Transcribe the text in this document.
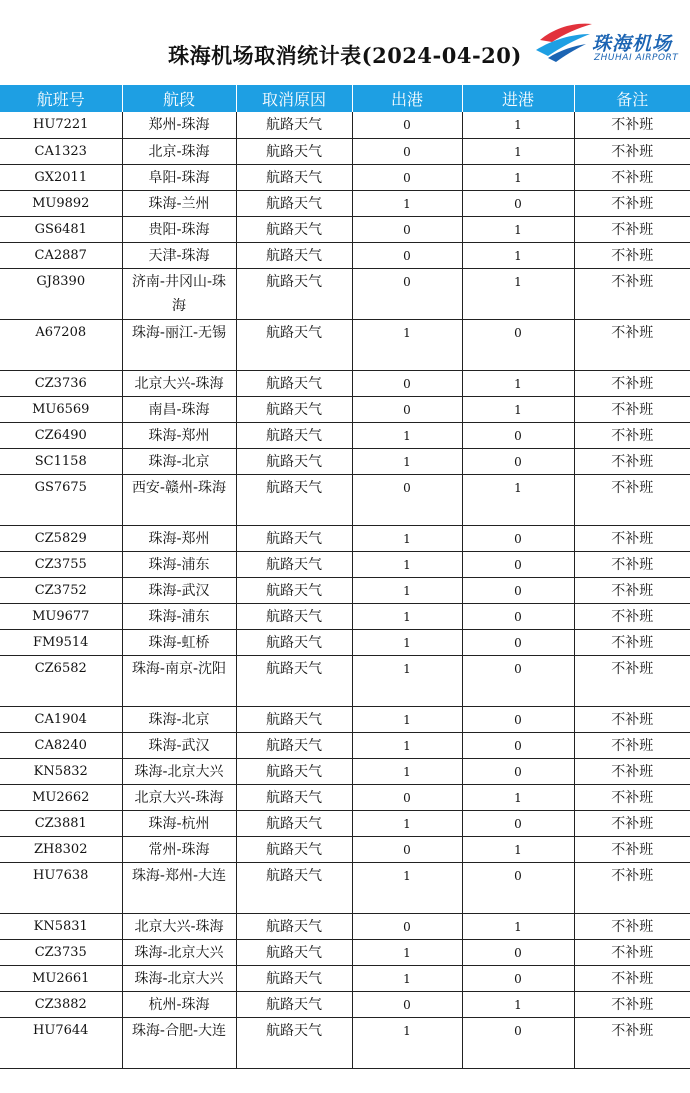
珠海机场取消统计表(2024-04-20)	珠海机场
ZHUHAI AIRPORT
航班号	航段	取消原因	出港	进港	备注
HU7221	郑州-珠海	航路天气	0	1	不补班
CA1323	北京-珠海	航路天气	0	1	不补班
GX2011	阜阳-珠海	航路天气	0	1	不补班
MU9892	珠海-兰州	航路天气	1	0	不补班
GS6481	贵阳-珠海	航路天气	0	1	不补班
CA2887	天津-珠海	航路天气	0	1	不补班
GJ8390	济南-井冈山-珠海	航路天气	0	1	不补班
A67208	珠海-丽江-无锡	航路天气	1	0	不补班
CZ3736	北京大兴-珠海	航路天气	0	1	不补班
MU6569	南昌-珠海	航路天气	0	1	不补班
CZ6490	珠海-郑州	航路天气	1	0	不补班
SC1158	珠海-北京	航路天气	1	0	不补班
GS7675	西安-赣州-珠海	航路天气	0	1	不补班
CZ5829	珠海-郑州	航路天气	1	0	不补班
CZ3755	珠海-浦东	航路天气	1	0	不补班
CZ3752	珠海-武汉	航路天气	1	0	不补班
MU9677	珠海-浦东	航路天气	1	0	不补班
FM9514	珠海-虹桥	航路天气	1	0	不补班
CZ6582	珠海-南京-沈阳	航路天气	1	0	不补班
CA1904	珠海-北京	航路天气	1	0	不补班
CA8240	珠海-武汉	航路天气	1	0	不补班
KN5832	珠海-北京大兴	航路天气	1	0	不补班
MU2662	北京大兴-珠海	航路天气	0	1	不补班
CZ3881	珠海-杭州	航路天气	1	0	不补班
ZH8302	常州-珠海	航路天气	0	1	不补班
HU7638	珠海-郑州-大连	航路天气	1	0	不补班
KN5831	北京大兴-珠海	航路天气	0	1	不补班
CZ3735	珠海-北京大兴	航路天气	1	0	不补班
MU2661	珠海-北京大兴	航路天气	1	0	不补班
CZ3882	杭州-珠海	航路天气	0	1	不补班
HU7644	珠海-合肥-大连	航路天气	1	0	不补班
